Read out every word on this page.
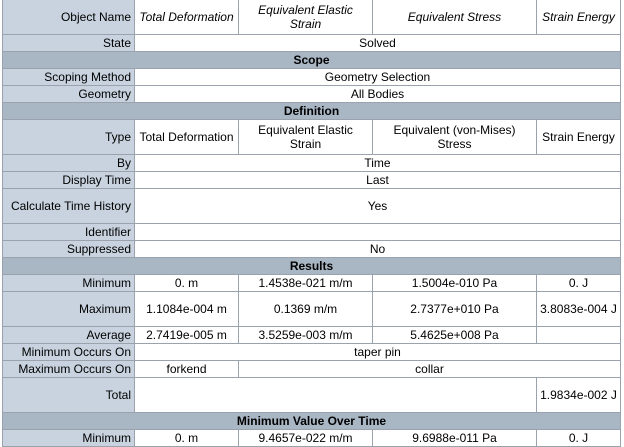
Object Name	Total Deformation	Equivalent Elastic Strain	Equivalent Stress	Strain Energy
State	Solved			
Scope				
Scoping Method	Geometry Selection			
Geometry	All Bodies			
Definition				
Type	Total Deformation	Equivalent Elastic Strain	Equivalent (von-Mises) Stress	Strain Energy
By	Time			
Display Time	Last			
Calculate Time History	Yes			
Identifier				
Suppressed	No			
Results				
Minimum	0. m	1.4538e-021 m/m	1.5004e-010 Pa	0. J
Maximum	1.1084e-004 m	0.1369 m/m	2.7377e+010 Pa	3.8083e-004 J
Average	2.7419e-005 m	3.5259e-003 m/m	5.4625e+008 Pa	
Minimum Occurs On	taper pin			
Maximum Occurs On	forkend	collar		
Total				1.9834e-002 J
Minimum Value Over Time				
Minimum	0. m	9.4657e-022 m/m	9.6988e-011 Pa	0. J
